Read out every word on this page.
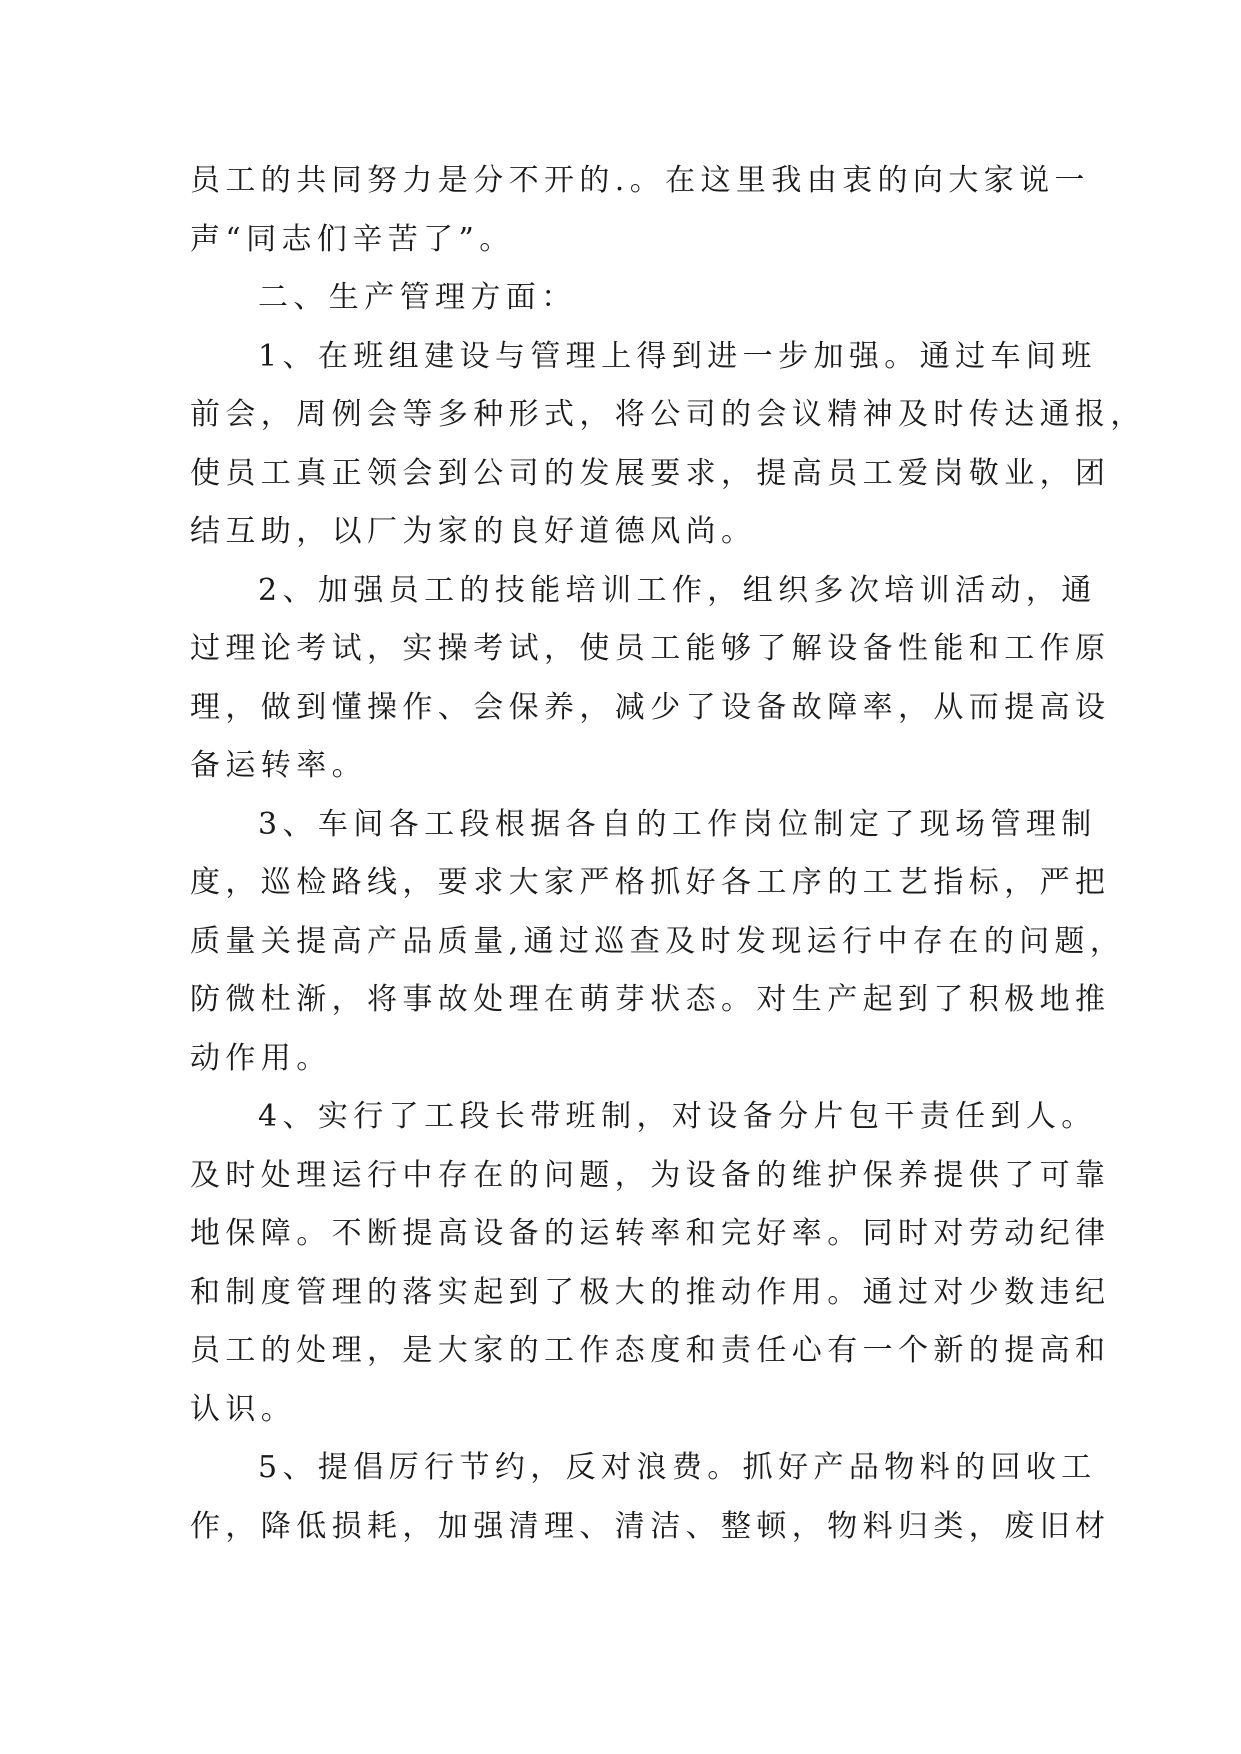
员工的共同努力是分不开的.。在这里我由衷的向大家说一
声“同志们辛苦了”。
二、生产管理方面：
1、在班组建设与管理上得到进一步加强。通过车间班
前会，周例会等多种形式，将公司的会议精神及时传达通报，
使员工真正领会到公司的发展要求，提高员工爱岗敬业，团
结互助，以厂为家的良好道德风尚。
2、加强员工的技能培训工作，组织多次培训活动，通
过理论考试，实操考试，使员工能够了解设备性能和工作原
理，做到懂操作、会保养，减少了设备故障率，从而提高设
备运转率。
3、车间各工段根据各自的工作岗位制定了现场管理制
度，巡检路线，要求大家严格抓好各工序的工艺指标，严把
质量关提高产品质量,通过巡查及时发现运行中存在的问题，
防微杜渐，将事故处理在萌芽状态。对生产起到了积极地推
动作用。
4、实行了工段长带班制，对设备分片包干责任到人。
及时处理运行中存在的问题，为设备的维护保养提供了可靠
地保障。不断提高设备的运转率和完好率。同时对劳动纪律
和制度管理的落实起到了极大的推动作用。通过对少数违纪
员工的处理，是大家的工作态度和责任心有一个新的提高和
认识。
5、提倡厉行节约，反对浪费。抓好产品物料的回收工
作，降低损耗，加强清理、清洁、整顿，物料归类，废旧材
